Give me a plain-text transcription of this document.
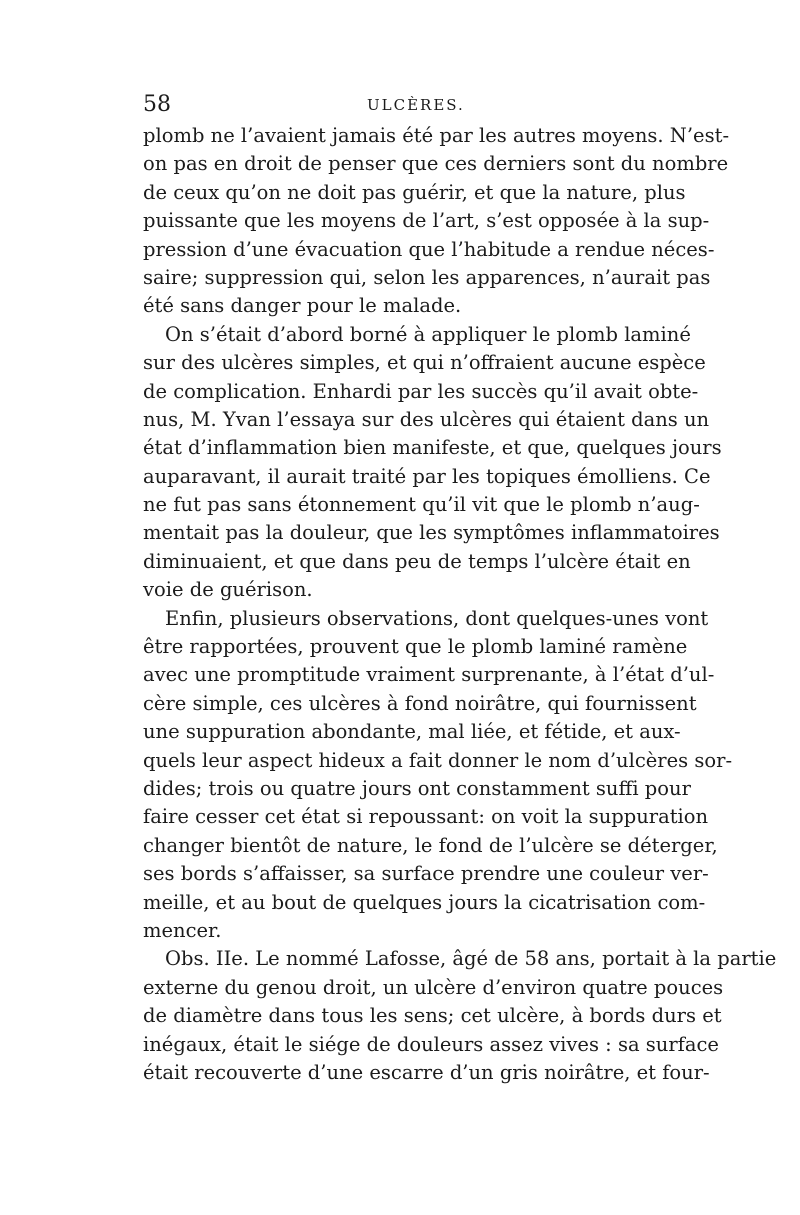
58	ULCÈRES.
plomb ne l’avaient jamais été par les autres moyens. N’est-
on pas en droit de penser que ces derniers sont du nombre
de ceux qu’on ne doit pas guérir, et que la nature, plus
puissante que les moyens de l’art, s’est opposée à la sup-
pression d’une évacuation que l’habitude a rendue néces-
saire; suppression qui, selon les apparences, n’aurait pas
été sans danger pour le malade.
On s’était d’abord borné à appliquer le plomb laminé
sur des ulcères simples, et qui n’offraient aucune espèce
de complication. Enhardi par les succès qu’il avait obte-
nus, M. Yvan l’essaya sur des ulcères qui étaient dans un
état d’inflammation bien manifeste, et que, quelques jours
auparavant, il aurait traité par les topiques émolliens. Ce
ne fut pas sans étonnement qu’il vit que le plomb n’aug-
mentait pas la douleur, que les symptômes inflammatoires
diminuaient, et que dans peu de temps l’ulcère était en
voie de guérison.
Enfin, plusieurs observations, dont quelques-unes vont
être rapportées, prouvent que le plomb laminé ramène
avec une promptitude vraiment surprenante, à l’état d’ul-
cère simple, ces ulcères à fond noirâtre, qui fournissent
une suppuration abondante, mal liée, et fétide, et aux-
quels leur aspect hideux a fait donner le nom d’ulcères sor-
dides; trois ou quatre jours ont constamment suffi pour
faire cesser cet état si repoussant: on voit la suppuration
changer bientôt de nature, le fond de l’ulcère se déterger,
ses bords s’affaisser, sa surface prendre une couleur ver-
meille, et au bout de quelques jours la cicatrisation com-
mencer.
Obs. IIe. Le nommé Lafosse, âgé de 58 ans, portait à la partie
externe du genou droit, un ulcère d’environ quatre pouces
de diamètre dans tous les sens; cet ulcère, à bords durs et
inégaux, était le siége de douleurs assez vives : sa surface
était recouverte d’une escarre d’un gris noirâtre, et four-
